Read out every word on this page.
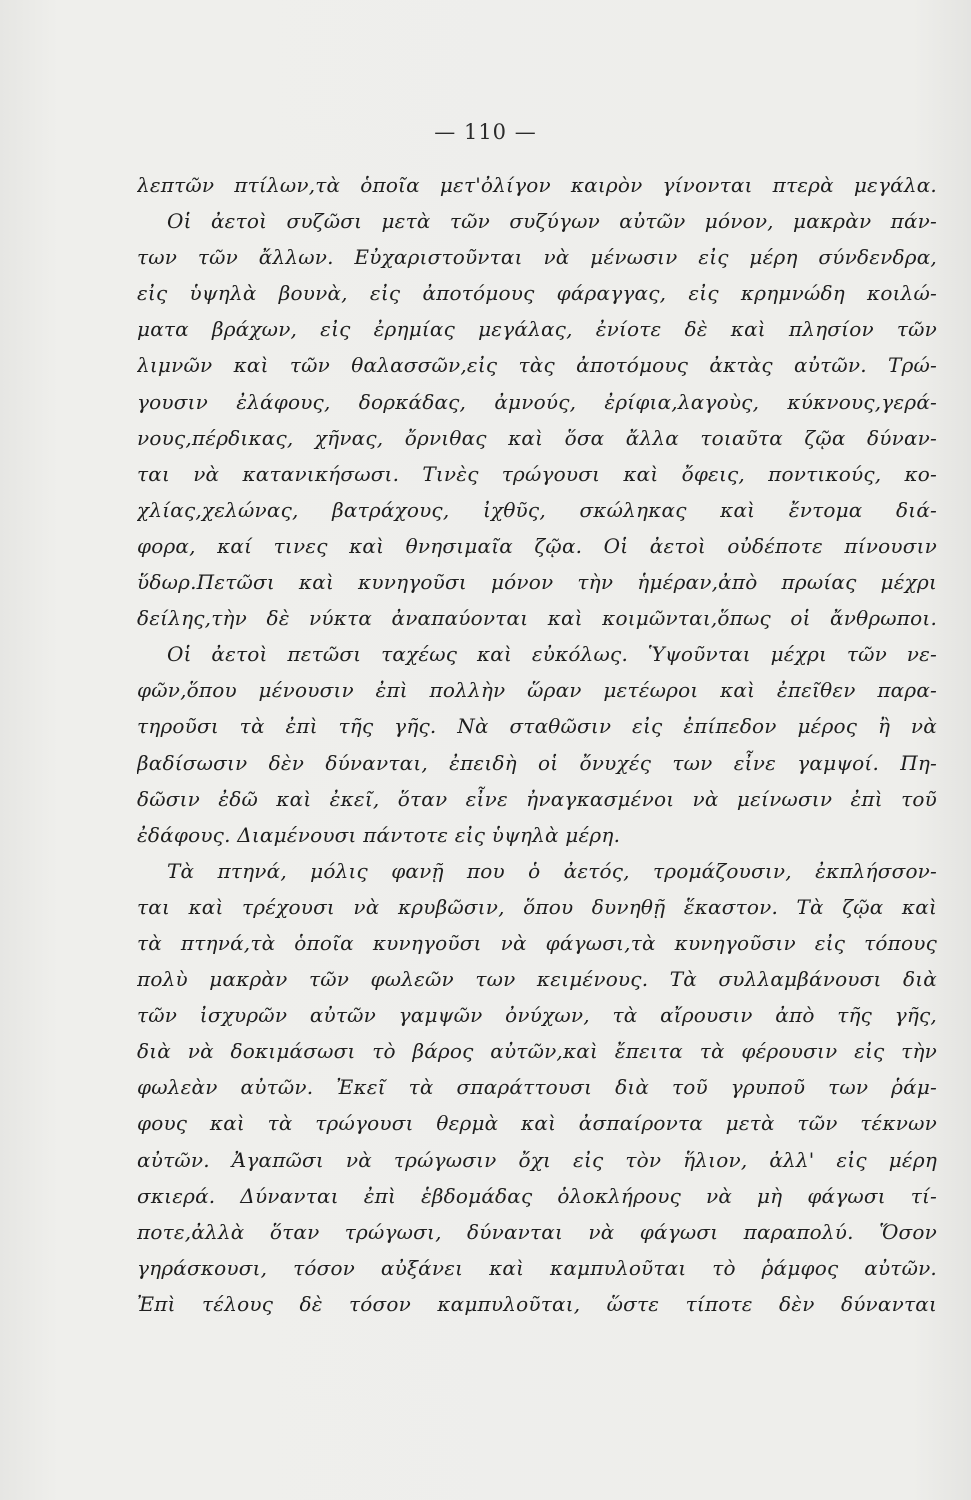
— 110 —
λεπτῶν πτίλων,τὰ ὁποῖα μετ'ὀλίγον καιρὸν γίνονται πτερὰ μεγάλα.
Οἱ ἀετοὶ συζῶσι μετὰ τῶν συζύγων αὐτῶν μόνον, μακρὰν πάν-
των τῶν ἄλλων. Εὐχαριστοῦνται νὰ μένωσιν εἰς μέρη σύνδενδρα,
εἰς ὑψηλὰ βουνὰ, εἰς ἀποτόμους φάραγγας, εἰς κρημνώδη κοιλώ-
ματα βράχων, εἰς ἐρημίας μεγάλας, ἐνίοτε δὲ καὶ πλησίον τῶν
λιμνῶν καὶ τῶν θαλασσῶν,εἰς τὰς ἀποτόμους ἀκτὰς αὐτῶν. Τρώ-
γουσιν ἐλάφους, δορκάδας, ἀμνούς, ἐρίφια,λαγοὺς, κύκνους,γερά-
νους,πέρδικας, χῆνας, ὄρνιθας καὶ ὅσα ἄλλα τοιαῦτα ζῷα δύναν-
ται νὰ κατανικήσωσι. Τινὲς τρώγουσι καὶ ὄφεις, ποντικούς, κο-
χλίας,χελώνας, βατράχους, ἰχθῦς, σκώληκας καὶ ἔντομα διά-
φορα, καί τινες καὶ θνησιμαῖα ζῷα. Οἱ ἀετοὶ οὐδέποτε πίνουσιν
ὕδωρ.Πετῶσι καὶ κυνηγοῦσι μόνον τὴν ἡμέραν,ἀπὸ πρωίας μέχρι
δείλης,τὴν δὲ νύκτα ἀναπαύονται καὶ κοιμῶνται,ὅπως οἱ ἄνθρωποι.
Οἱ ἀετοὶ πετῶσι ταχέως καὶ εὐκόλως. Ὑψοῦνται μέχρι τῶν νε-
φῶν,ὅπου μένουσιν ἐπὶ πολλὴν ὥραν μετέωροι καὶ ἐπεῖθεν παρα-
τηροῦσι τὰ ἐπὶ τῆς γῆς. Νὰ σταθῶσιν εἰς ἐπίπεδον μέρος ἢ νὰ
βαδίσωσιν δὲν δύνανται, ἐπειδὴ οἱ ὄνυχές των εἶνε γαμψοί. Πη-
δῶσιν ἐδῶ καὶ ἐκεῖ, ὅταν εἶνε ἠναγκασμένοι νὰ μείνωσιν ἐπὶ τοῦ
ἐδάφους. Διαμένουσι πάντοτε εἰς ὑψηλὰ μέρη.
Τὰ πτηνά, μόλις φανῇ που ὁ ἀετός, τρομάζουσιν, ἐκπλήσσον-
ται καὶ τρέχουσι νὰ κρυβῶσιν, ὅπου δυνηθῇ ἕκαστον. Τὰ ζῷα καὶ
τὰ πτηνά,τὰ ὁποῖα κυνηγοῦσι νὰ φάγωσι,τὰ κυνηγοῦσιν εἰς τόπους
πολὺ μακρὰν τῶν φωλεῶν των κειμένους. Τὰ συλλαμβάνουσι διὰ
τῶν ἰσχυρῶν αὐτῶν γαμψῶν ὀνύχων, τὰ αἴρουσιν ἀπὸ τῆς γῆς,
διὰ νὰ δοκιμάσωσι τὸ βάρος αὐτῶν,καὶ ἔπειτα τὰ φέρουσιν εἰς τὴν
φωλεὰν αὐτῶν. Ἐκεῖ τὰ σπαράττουσι διὰ τοῦ γρυποῦ των ῥάμ-
φους καὶ τὰ τρώγουσι θερμὰ καὶ ἀσπαίροντα μετὰ τῶν τέκνων
αὐτῶν. Ἀγαπῶσι νὰ τρώγωσιν ὄχι εἰς τὸν ἥλιον, ἀλλ' εἰς μέρη
σκιερά. Δύνανται ἐπὶ ἑβδομάδας ὁλοκλήρους νὰ μὴ φάγωσι τί-
ποτε,ἀλλὰ ὅταν τρώγωσι, δύνανται νὰ φάγωσι παραπολύ. Ὅσον
γηράσκουσι, τόσον αὐξάνει καὶ καμπυλοῦται τὸ ῥάμφος αὐτῶν.
Ἐπὶ τέλους δὲ τόσον καμπυλοῦται, ὥστε τίποτε δὲν δύνανται
